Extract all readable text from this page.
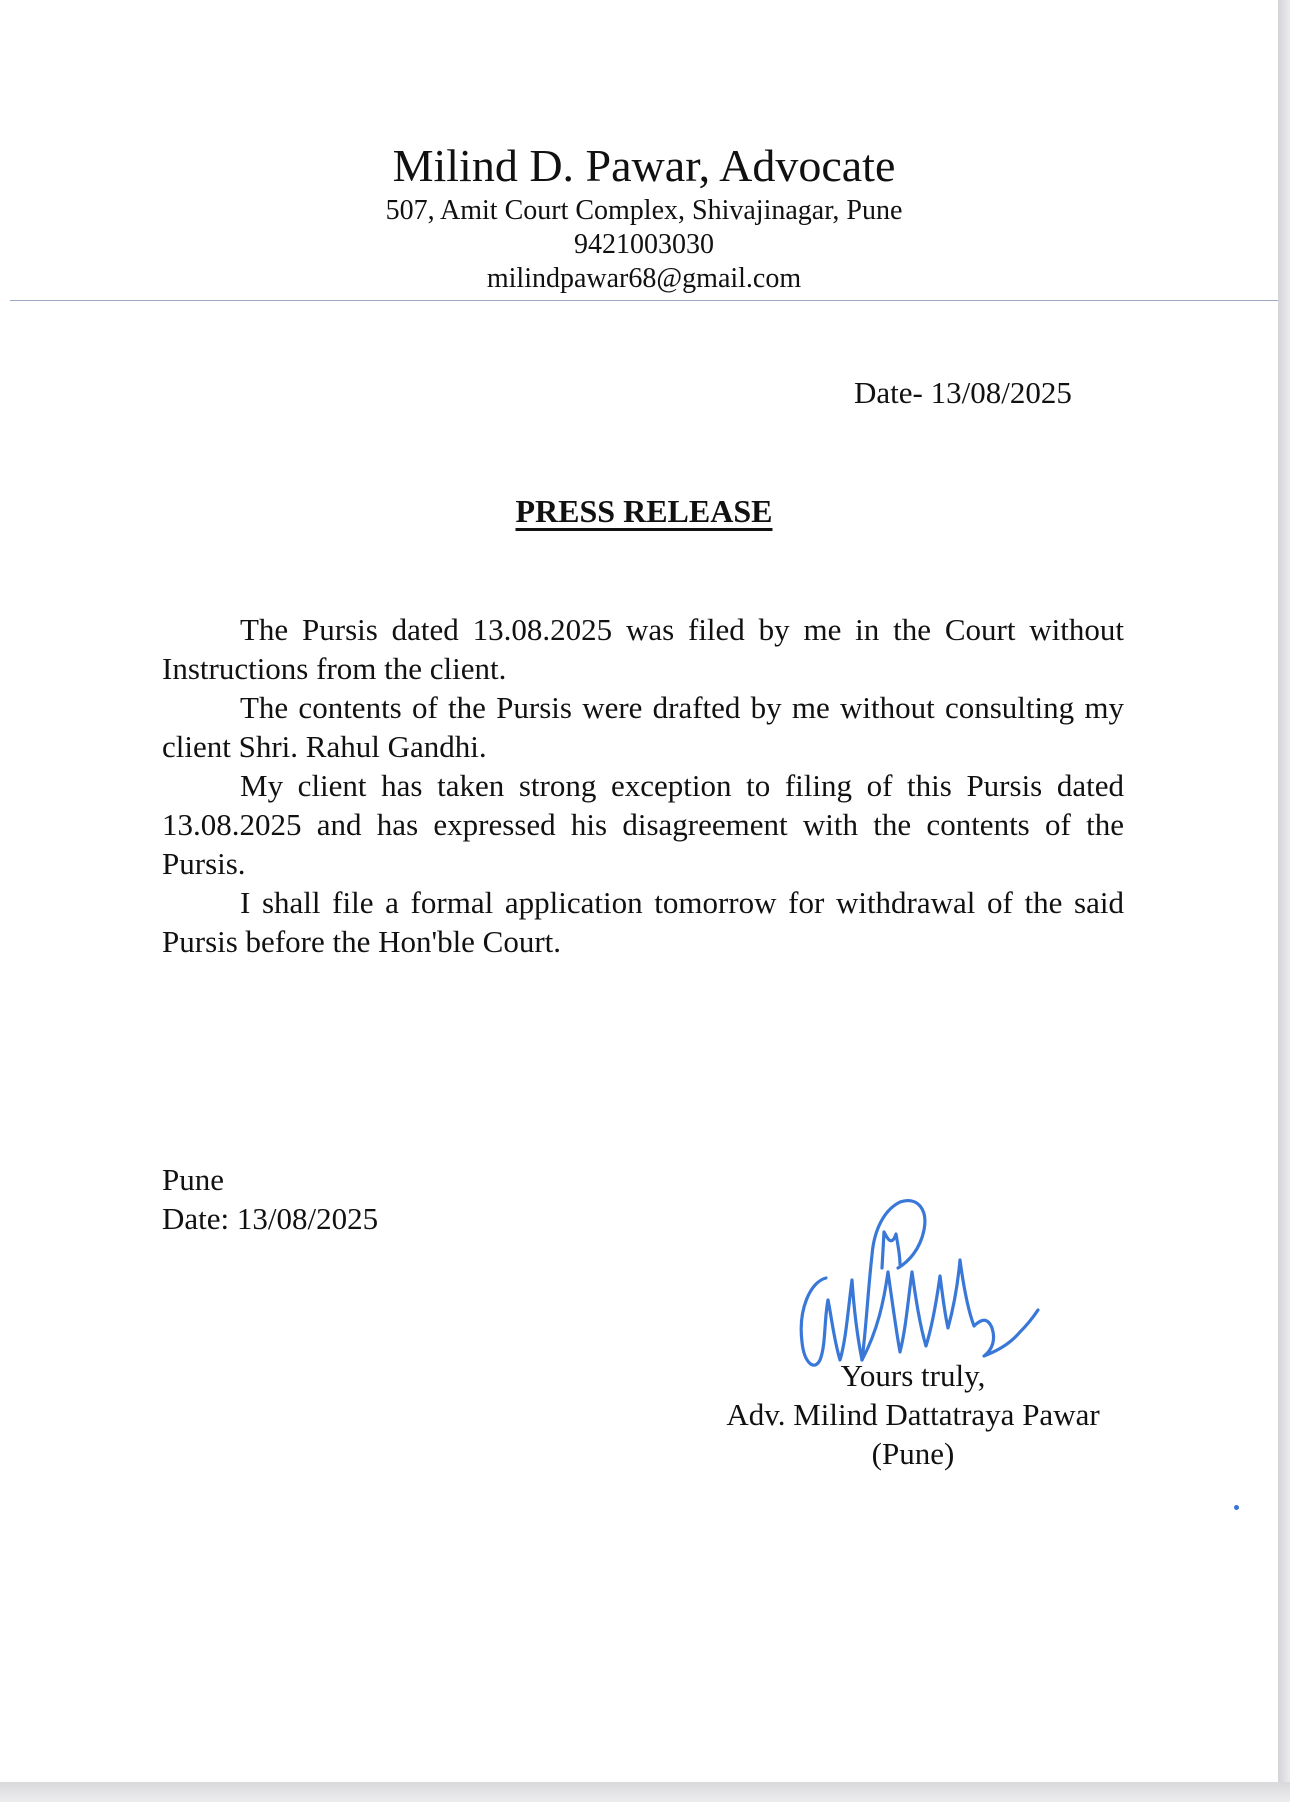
Milind D. Pawar, Advocate
507, Amit Court Complex, Shivajinagar, Pune
9421003030
milindpawar68@gmail.com
Date- 13/08/2025
PRESS RELEASE

The Pursis dated 13.08.2025 was filed by me in the Court without Instructions from the client.

The contents of the Pursis were drafted by me without consulting my client Shri. Rahul Gandhi.

My client has taken strong exception to filing of this Pursis dated 13.08.2025 and has expressed his disagreement with the contents of the Pursis.

I shall file a formal application tomorrow for withdrawal of the said Pursis before the Hon'ble Court.

Pune
Date: 13/08/2025
Yours truly,
Adv. Milind Dattatraya Pawar
(Pune)
